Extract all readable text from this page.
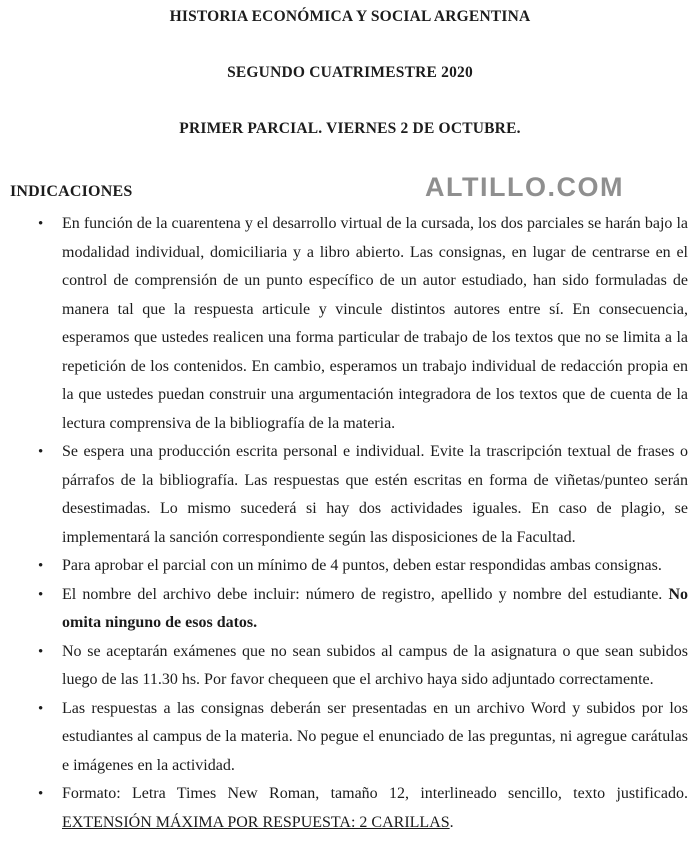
HISTORIA ECONÓMICA Y SOCIAL ARGENTINA
SEGUNDO CUATRIMESTRE 2020
PRIMER PARCIAL. VIERNES 2 DE OCTUBRE.
INDICACIONES	ALTILLO.COM
• En función de la cuarentena y el desarrollo virtual de la cursada, los dos parciales se harán bajo la modalidad individual, domiciliaria y a libro abierto. Las consignas, en lugar de centrarse en el control de comprensión de un punto específico de un autor estudiado, han sido formuladas de manera tal que la respuesta articule y vincule distintos autores entre sí. En consecuencia, esperamos que ustedes realicen una forma particular de trabajo de los textos que no se limita a la repetición de los contenidos. En cambio, esperamos un trabajo individual de redacción propia en la que ustedes puedan construir una argumentación integradora de los textos que de cuenta de la lectura comprensiva de la bibliografía de la materia.
• Se espera una producción escrita personal e individual. Evite la trascripción textual de frases o párrafos de la bibliografía. Las respuestas que estén escritas en forma de viñetas/punteo serán desestimadas. Lo mismo sucederá si hay dos actividades iguales. En caso de plagio, se implementará la sanción correspondiente según las disposiciones de la Facultad.
• Para aprobar el parcial con un mínimo de 4 puntos, deben estar respondidas ambas consignas.
• El nombre del archivo debe incluir: número de registro, apellido y nombre del estudiante. No omita ninguno de esos datos.
• No se aceptarán exámenes que no sean subidos al campus de la asignatura o que sean subidos luego de las 11.30 hs. Por favor chequeen que el archivo haya sido adjuntado correctamente.
• Las respuestas a las consignas deberán ser presentadas en un archivo Word y subidos por los estudiantes al campus de la materia. No pegue el enunciado de las preguntas, ni agregue carátulas e imágenes en la actividad.
• Formato: Letra Times New Roman, tamaño 12, interlineado sencillo, texto justificado. EXTENSIÓN MÁXIMA POR RESPUESTA: 2 CARILLAS.
